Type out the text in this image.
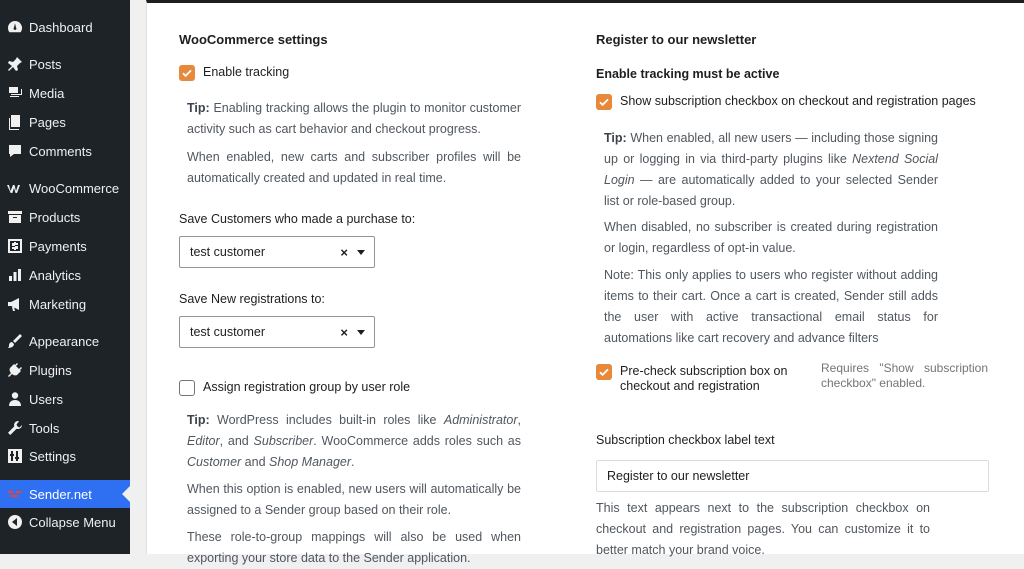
Dashboard
Posts
Media
Pages
Comments
WooCommerce
Products
Payments
Analytics
Marketing
Appearance
Plugins
Users
Tools
Settings
Sender.net
Collapse Menu
WooCommerce settings
Enable tracking
Tip: Enabling tracking allows the plugin to monitor customer activity such as cart behavior and checkout progress.
When enabled, new carts and subscriber profiles will be automatically created and updated in real time.
Save Customers who made a purchase to:
test customer	×
Save New registrations to:
test customer	×
Assign registration group by user role
Tip: WordPress includes built-in roles like Administrator, Editor, and Subscriber. WooCommerce adds roles such as Customer and Shop Manager.
When this option is enabled, new users will automatically be assigned to a Sender group based on their role.
These role-to-group mappings will also be used when exporting your store data to the Sender application.
Register to our newsletter
Enable tracking must be active
Show subscription checkbox on checkout and registration pages
Tip: When enabled, all new users — including those signing up or logging in via third-party plugins like Nextend Social Login — are automatically added to your selected Sender list or role-based group.
When disabled, no subscriber is created during registration or login, regardless of opt-in value.
Note: This only applies to users who register without adding items to their cart. Once a cart is created, Sender still adds the user with active transactional email status for automations like cart recovery and advance filters
Pre-check subscription box on checkout and registration
Requires "Show subscription checkbox" enabled.
Subscription checkbox label text
Register to our newsletter
This text appears next to the subscription checkbox on checkout and registration pages. You can customize it to better match your brand voice.
